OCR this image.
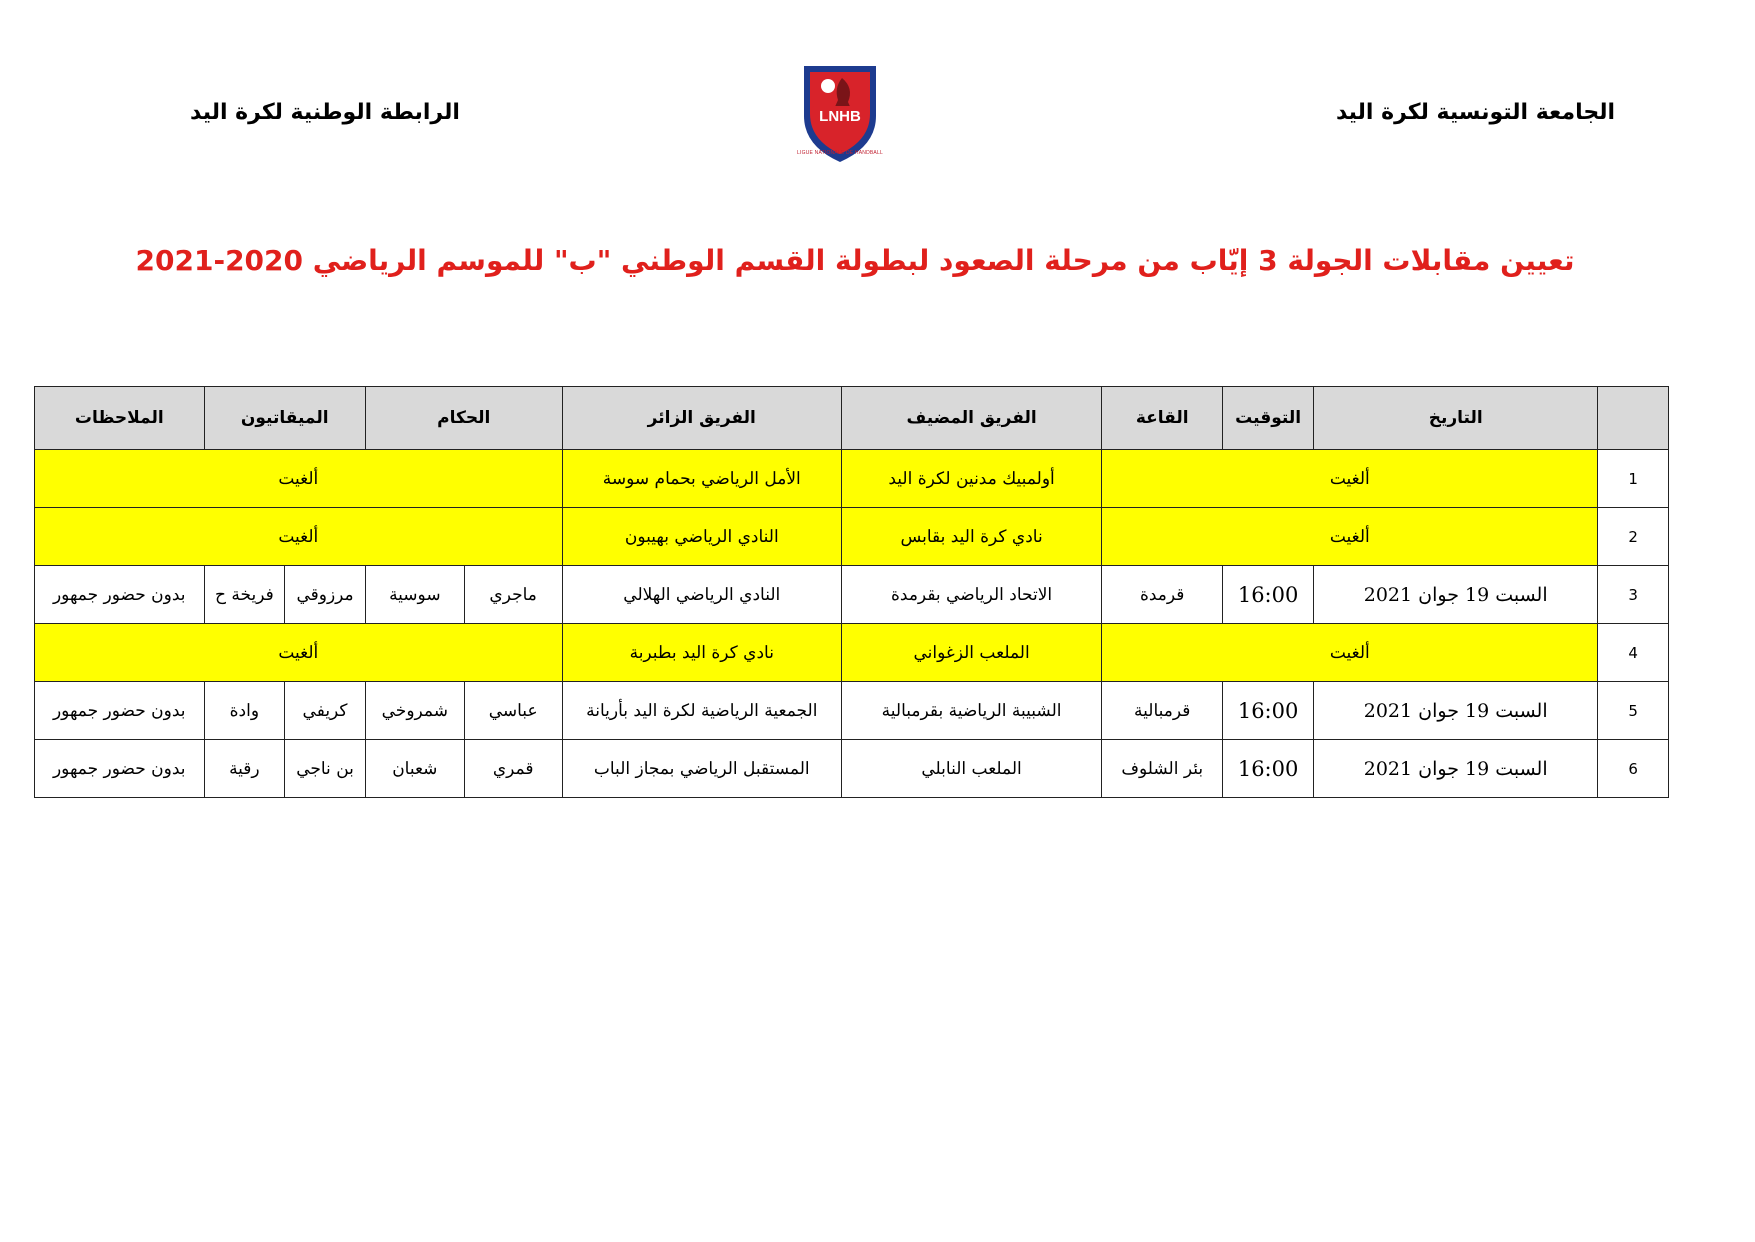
الجامعة التونسية لكرة اليد
الرابطة الوطنية لكرة اليد	LNHB
LIGUE NATIONALE DE HANDBALL
تعيين مقابلات الجولة 3 إيّاب من مرحلة الصعود لبطولة القسم الوطني "ب" للموسم الرياضي 2020-2021
	التاريخ	التوقيت	القاعة	الفريق المضيف	الفريق الزائر	الحكام		الميقاتيون		الملاحظات
1	ألغيت			أولمبيك مدنين لكرة اليد	الأمل الرياضي بحمام سوسة	ألغيت				
2	ألغيت			نادي كرة اليد بقابس	النادي الرياضي بهيبون	ألغيت				
3	السبت 19 جوان 2021	16:00	قرمدة	الاتحاد الرياضي بقرمدة	النادي الرياضي الهلالي	ماجري	سوسية	مرزوقي	فريخة ح	بدون حضور جمهور
4	ألغيت			الملعب الزغواني	نادي كرة اليد بطبربة	ألغيت				
5	السبت 19 جوان 2021	16:00	قرمبالية	الشبيبة الرياضية بقرمبالية	الجمعية الرياضية لكرة اليد بأريانة	عباسي	شمروخي	كريفي	وادة	بدون حضور جمهور
6	السبت 19 جوان 2021	16:00	بئر الشلوف	الملعب النابلي	المستقبل الرياضي بمجاز الباب	قمري	شعبان	بن ناجي	رقية	بدون حضور جمهور
